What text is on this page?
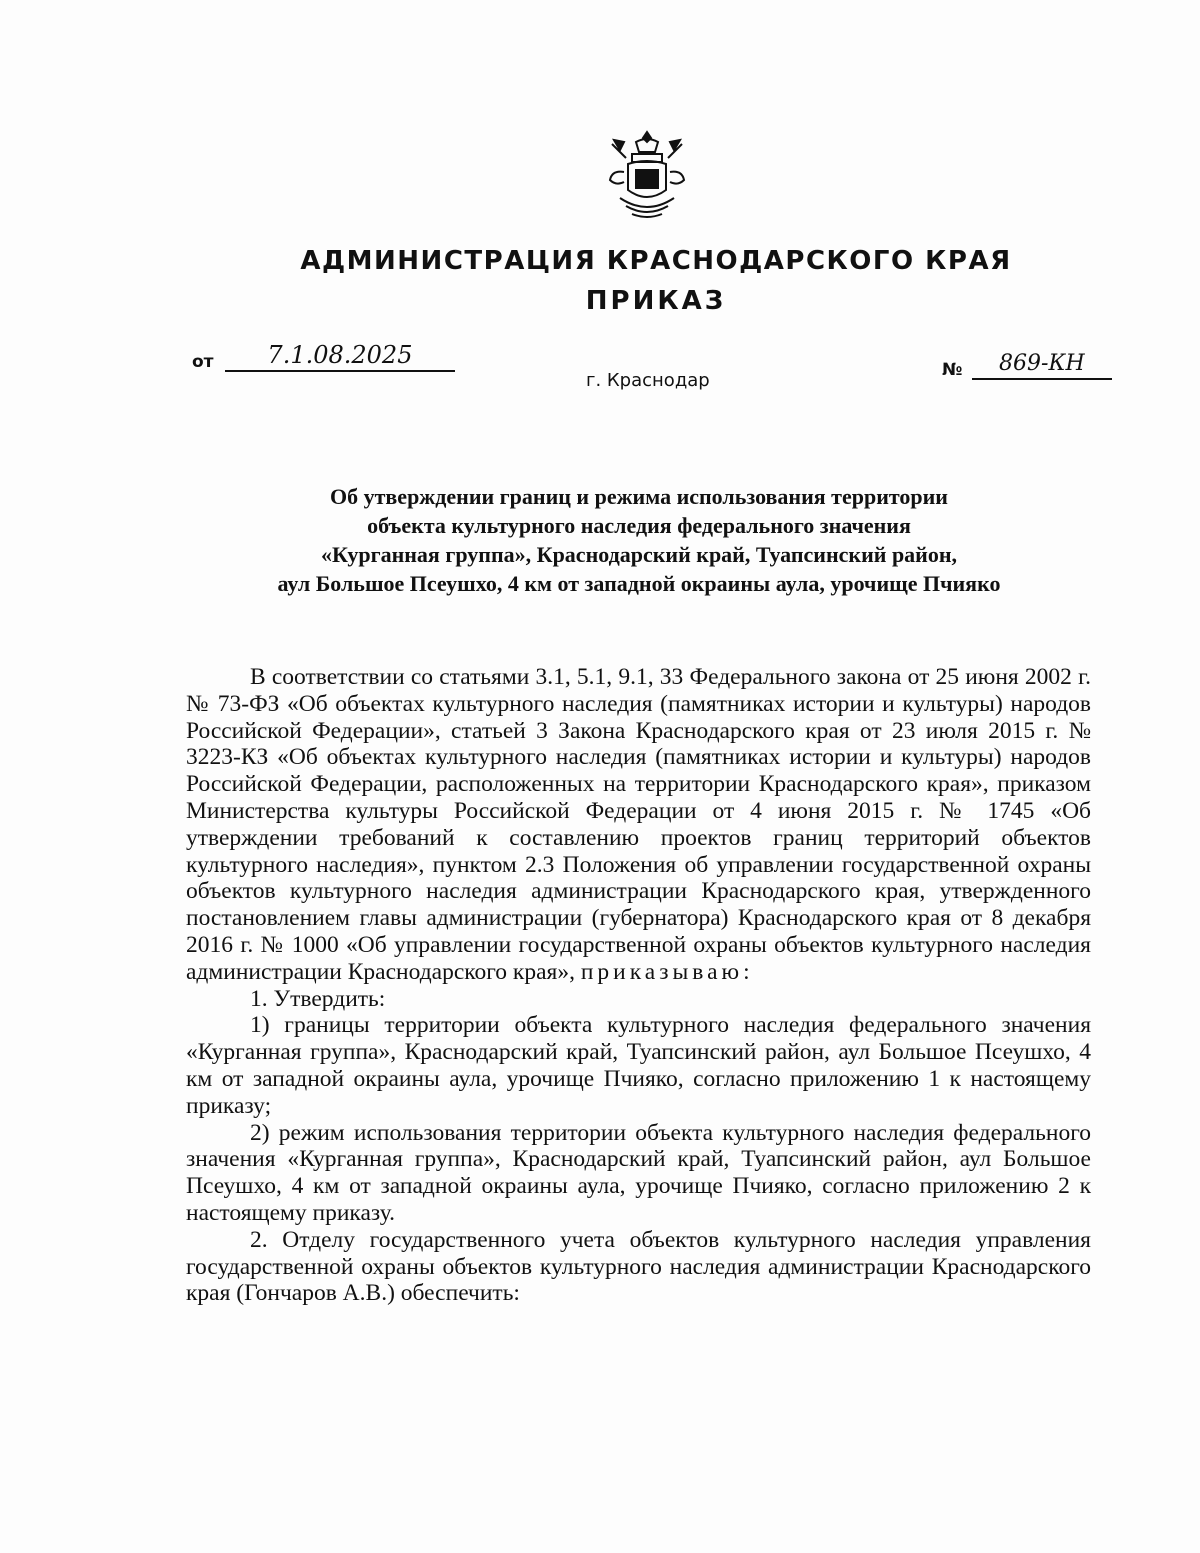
АДМИНИСТРАЦИЯ КРАСНОДАРСКОГО КРАЯ
ПРИКАЗ
от 7.1.08.2025
№ 869-КН
г. Краснодар
Об утверждении границ и режима использования территории
объекта культурного наследия федерального значения
«Курганная группа», Краснодарский край, Туапсинский район,
аул Большое Псеушхо, 4 км от западной окраины аула, урочище Пчияко

В соответствии со статьями 3.1, 5.1, 9.1, 33 Федерального закона от 25 июня 2002 г. № 73-ФЗ «Об объектах культурного наследия (памятниках истории и культуры) народов Российской Федерации», статьей 3 Закона Краснодарского края от 23 июля 2015 г. № 3223-КЗ «Об объектах культурного наследия (памятниках истории и культуры) народов Российской Федерации, расположенных на территории Краснодарского края», приказом Министерства культуры Российской Федерации от 4 июня 2015 г. № 1745 «Об утверждении требований к составлению проектов границ территорий объектов культурного наследия», пунктом 2.3 Положения об управлении государственной охраны объектов культурного наследия администрации Краснодарского края, утвержденного постановлением главы администрации (губернатора) Краснодарского края от 8 декабря 2016 г. № 1000 «Об управлении государственной охраны объектов культурного наследия администрации Краснодарского края», приказываю:

1. Утвердить:

1) границы территории объекта культурного наследия федерального значения «Курганная группа», Краснодарский край, Туапсинский район, аул Большое Псеушхо, 4 км от западной окраины аула, урочище Пчияко, согласно приложению 1 к настоящему приказу;

2) режим использования территории объекта культурного наследия федерального значения «Курганная группа», Краснодарский край, Туапсинский район, аул Большое Псеушхо, 4 км от западной окраины аула, урочище Пчияко, согласно приложению 2 к настоящему приказу.

2. Отделу государственного учета объектов культурного наследия управления государственной охраны объектов культурного наследия администрации Краснодарского края (Гончаров А.В.) обеспечить:
